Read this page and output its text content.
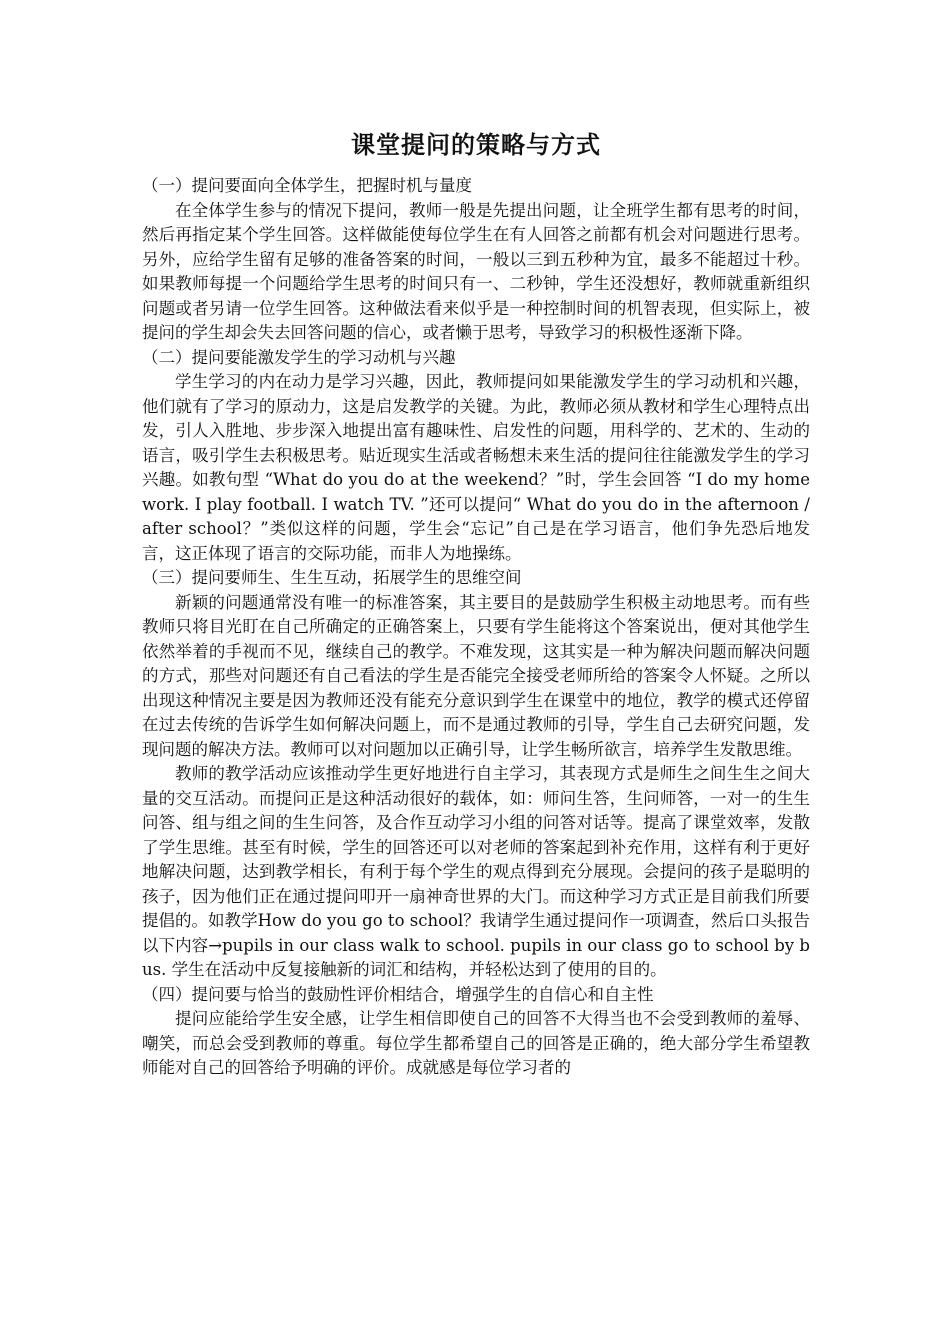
课堂提问的策略与方式

（一）提问要面向全体学生，把握时机与量度

在全体学生参与的情况下提问，教师一般是先提出问题，让全班学生都有思考的时间，然后再指定某个学生回答。这样做能使每位学生在有人回答之前都有机会对问题进行思考。另外，应给学生留有足够的准备答案的时间，一般以三到五秒种为宜，最多不能超过十秒。如果教师每提一个问题给学生思考的时间只有一、二秒钟，学生还没想好，教师就重新组织问题或者另请一位学生回答。这种做法看来似乎是一种控制时间的机智表现，但实际上，被提问的学生却会失去回答问题的信心，或者懒于思考，导致学习的积极性逐渐下降。

（二）提问要能激发学生的学习动机与兴趣

学生学习的内在动力是学习兴趣，因此，教师提问如果能激发学生的学习动机和兴趣，他们就有了学习的原动力，这是启发教学的关键。为此，教师必须从教材和学生心理特点出发，引人入胜地、步步深入地提出富有趣味性、启发性的问题，用科学的、艺术的、生动的语言，吸引学生去积极思考。贴近现实生活或者畅想未来生活的提问往往能激发学生的学习兴趣。如教句型 “What do you do at the weekend？”时，学生会回答 “I do my homework. I play football. I watch TV. ”还可以提问“ What do you do in the afternoon / after school？”类似这样的问题，学生会“忘记”自己是在学习语言，他们争先恐后地发言，这正体现了语言的交际功能，而非人为地操练。

（三）提问要师生、生生互动，拓展学生的思维空间

新颖的问题通常没有唯一的标准答案，其主要目的是鼓励学生积极主动地思考。而有些教师只将目光盯在自己所确定的正确答案上，只要有学生能将这个答案说出，便对其他学生依然举着的手视而不见，继续自己的教学。不难发现，这其实是一种为解决问题而解决问题的方式，那些对问题还有自己看法的学生是否能完全接受老师所给的答案令人怀疑。之所以出现这种情况主要是因为教师还没有能充分意识到学生在课堂中的地位，教学的模式还停留在过去传统的告诉学生如何解决问题上，而不是通过教师的引导，学生自己去研究问题，发现问题的解决方法。教师可以对问题加以正确引导，让学生畅所欲言，培养学生发散思维。

教师的教学活动应该推动学生更好地进行自主学习，其表现方式是师生之间生生之间大量的交互活动。而提问正是这种活动很好的载体，如：师问生答，生问师答，一对一的生生问答、组与组之间的生生问答，及合作互动学习小组的问答对话等。提高了课堂效率，发散了学生思维。甚至有时候，学生的回答还可以对老师的答案起到补充作用，这样有利于更好地解决问题，达到教学相长，有利于每个学生的观点得到充分展现。会提问的孩子是聪明的孩子，因为他们正在通过提问叩开一扇神奇世界的大门。而这种学习方式正是目前我们所要提倡的。如教学How do you go to school？我请学生通过提问作一项调查，然后口头报告以下内容→pupils in our class walk to school. pupils in our class go to school by bus. 学生在活动中反复接触新的词汇和结构，并轻松达到了使用的目的。

（四）提问要与恰当的鼓励性评价相结合，增强学生的自信心和自主性

提问应能给学生安全感，让学生相信即使自己的回答不大得当也不会受到教师的羞辱、嘲笑，而总会受到教师的尊重。每位学生都希望自己的回答是正确的，绝大部分学生希望教师能对自己的回答给予明确的评价。成就感是每位学习者的
